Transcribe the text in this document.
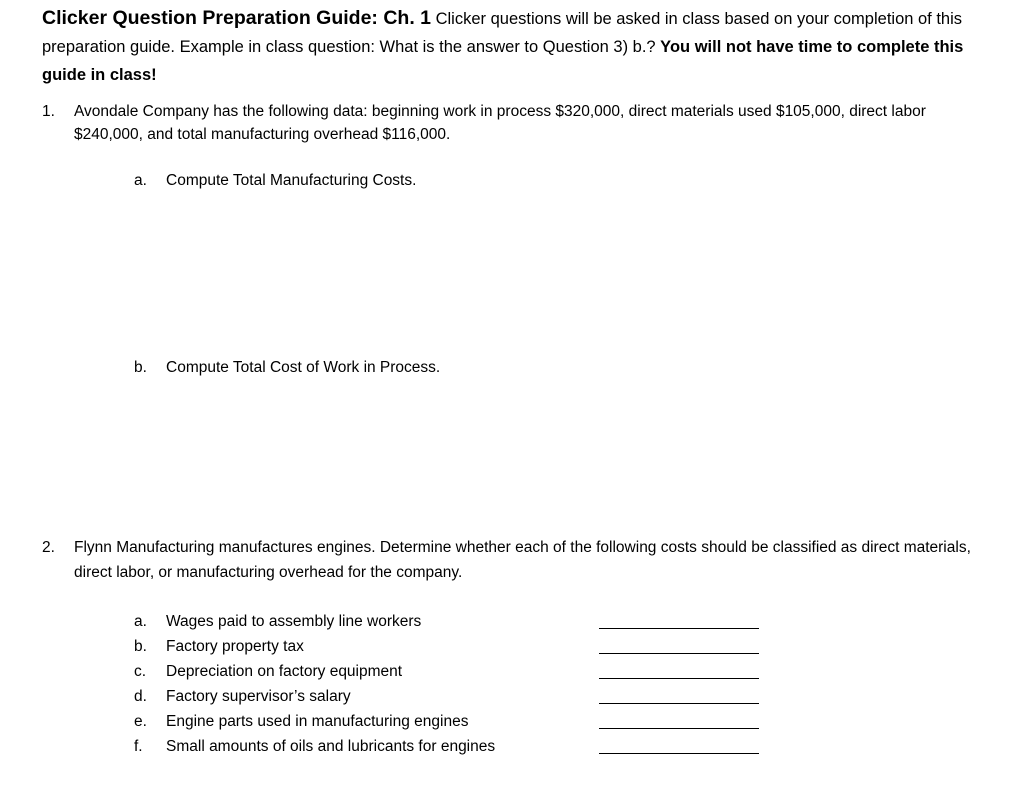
Clicker Question Preparation Guide: Ch. 1 Clicker questions will be asked in class based on your completion of this preparation guide. Example in class question: What is the answer to Question 3) b.? You will not have time to complete this guide in class!
1. Avondale Company has the following data: beginning work in process $320,000, direct materials used $105,000, direct labor $240,000, and total manufacturing overhead $116,000.
a. Compute Total Manufacturing Costs.
b. Compute Total Cost of Work in Process.
2. Flynn Manufacturing manufactures engines. Determine whether each of the following costs should be classified as direct materials, direct labor, or manufacturing overhead for the company.
a. Wages paid to assembly line workers
b. Factory property tax
c. Depreciation on factory equipment
d. Factory supervisor’s salary
e. Engine parts used in manufacturing engines
f. Small amounts of oils and lubricants for engines
